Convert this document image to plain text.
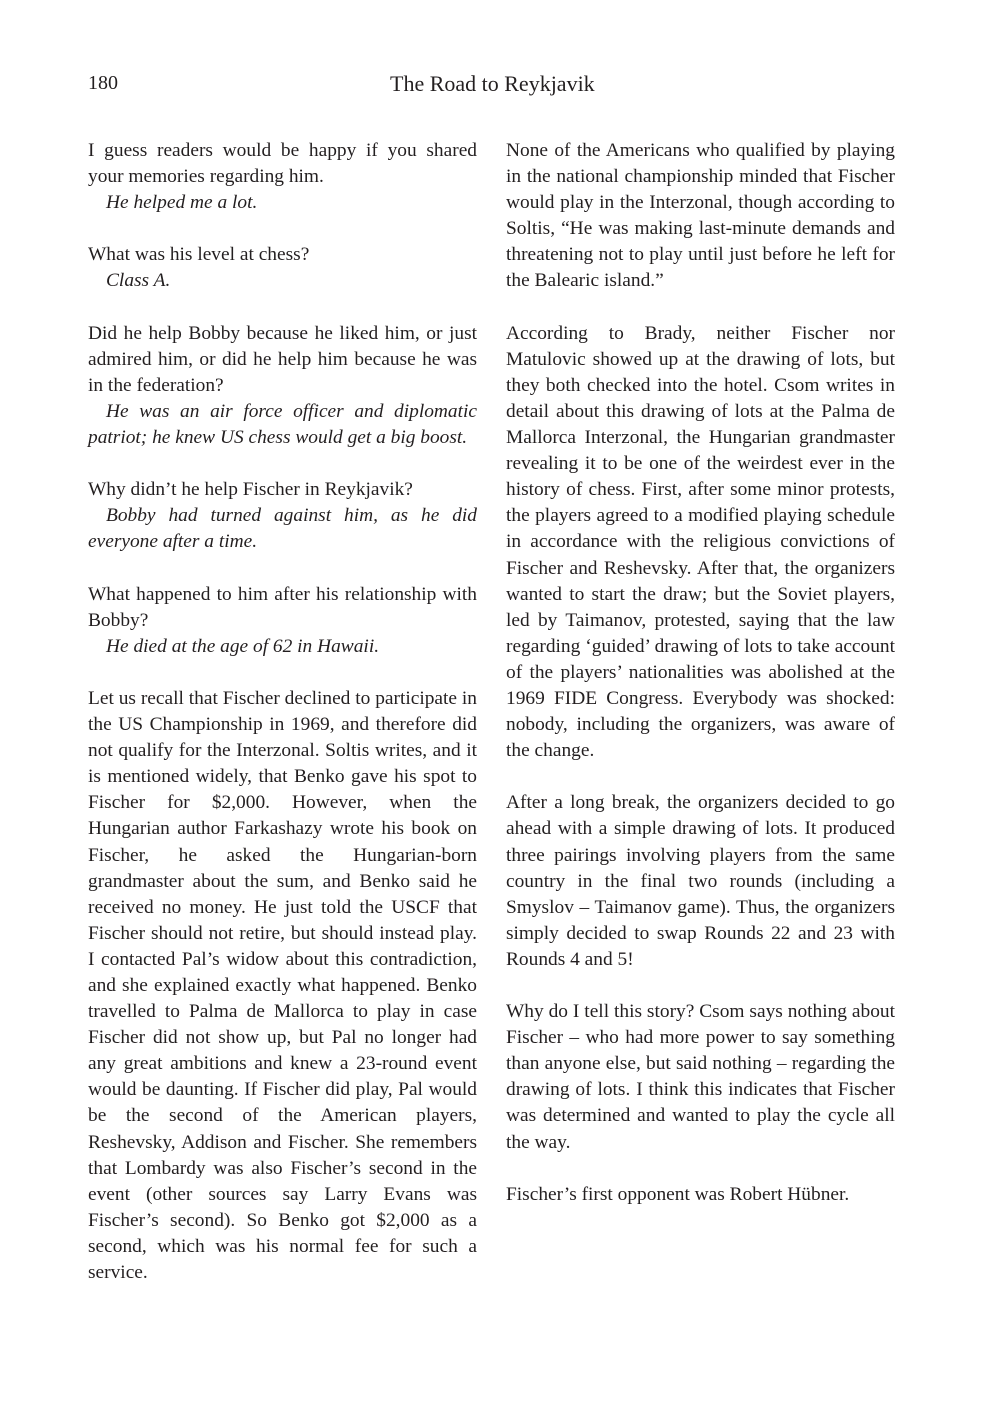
180	The Road to Reykjavik

I guess readers would be happy if you shared your memories regarding him.

He helped me a lot.

What was his level at chess?

Class A.

Did he help Bobby because he liked him, or just admired him, or did he help him because he was in the federation?

He was an air force officer and diplomatic patriot; he knew US chess would get a big boost.

Why didn’t he help Fischer in Reykjavik?

Bobby had turned against him, as he did everyone after a time.

What happened to him after his relationship with Bobby?

He died at the age of 62 in Hawaii.

Let us recall that Fischer declined to participate in the US Championship in 1969, and therefore did not qualify for the Interzonal. Soltis writes, and it is mentioned widely, that Benko gave his spot to Fischer for $2,000. However, when the Hungarian author Farkashazy wrote his book on Fischer, he asked the Hungarian-born grandmaster about the sum, and Benko said he received no money. He just told the USCF that Fischer should not retire, but should instead play. I contacted Pal’s widow about this contradiction, and she explained exactly what happened. Benko travelled to Palma de Mallorca to play in case Fischer did not show up, but Pal no longer had any great ambitions and knew a 23-round event would be daunting. If Fischer did play, Pal would be the second of the American players, Reshevsky, Addison and Fischer. She remembers that Lombardy was also Fischer’s second in the event (other sources say Larry Evans was Fischer’s second). So Benko got $2,000 as a second, which was his normal fee for such a service.

None of the Americans who qualified by playing in the national championship minded that Fischer would play in the Interzonal, though according to Soltis, “He was making last-minute demands and threatening not to play until just before he left for the Balearic island.”

According to Brady, neither Fischer nor Matulovic showed up at the drawing of lots, but they both checked into the hotel. Csom writes in detail about this drawing of lots at the Palma de Mallorca Interzonal, the Hungarian grandmaster revealing it to be one of the weirdest ever in the history of chess. First, after some minor protests, the players agreed to a modified playing schedule in accordance with the religious convictions of Fischer and Reshevsky. After that, the organizers wanted to start the draw; but the Soviet players, led by Taimanov, protested, saying that the law regarding ‘guided’ drawing of lots to take account of the players’ nationalities was abolished at the 1969 FIDE Congress. Everybody was shocked: nobody, including the organizers, was aware of the change.

After a long break, the organizers decided to go ahead with a simple drawing of lots. It produced three pairings involving players from the same country in the final two rounds (including a Smyslov – Taimanov game). Thus, the organizers simply decided to swap Rounds 22 and 23 with Rounds 4 and 5!

Why do I tell this story? Csom says nothing about Fischer – who had more power to say something than anyone else, but said nothing – regarding the drawing of lots. I think this indicates that Fischer was determined and wanted to play the cycle all the way.

Fischer’s first opponent was Robert Hübner.
